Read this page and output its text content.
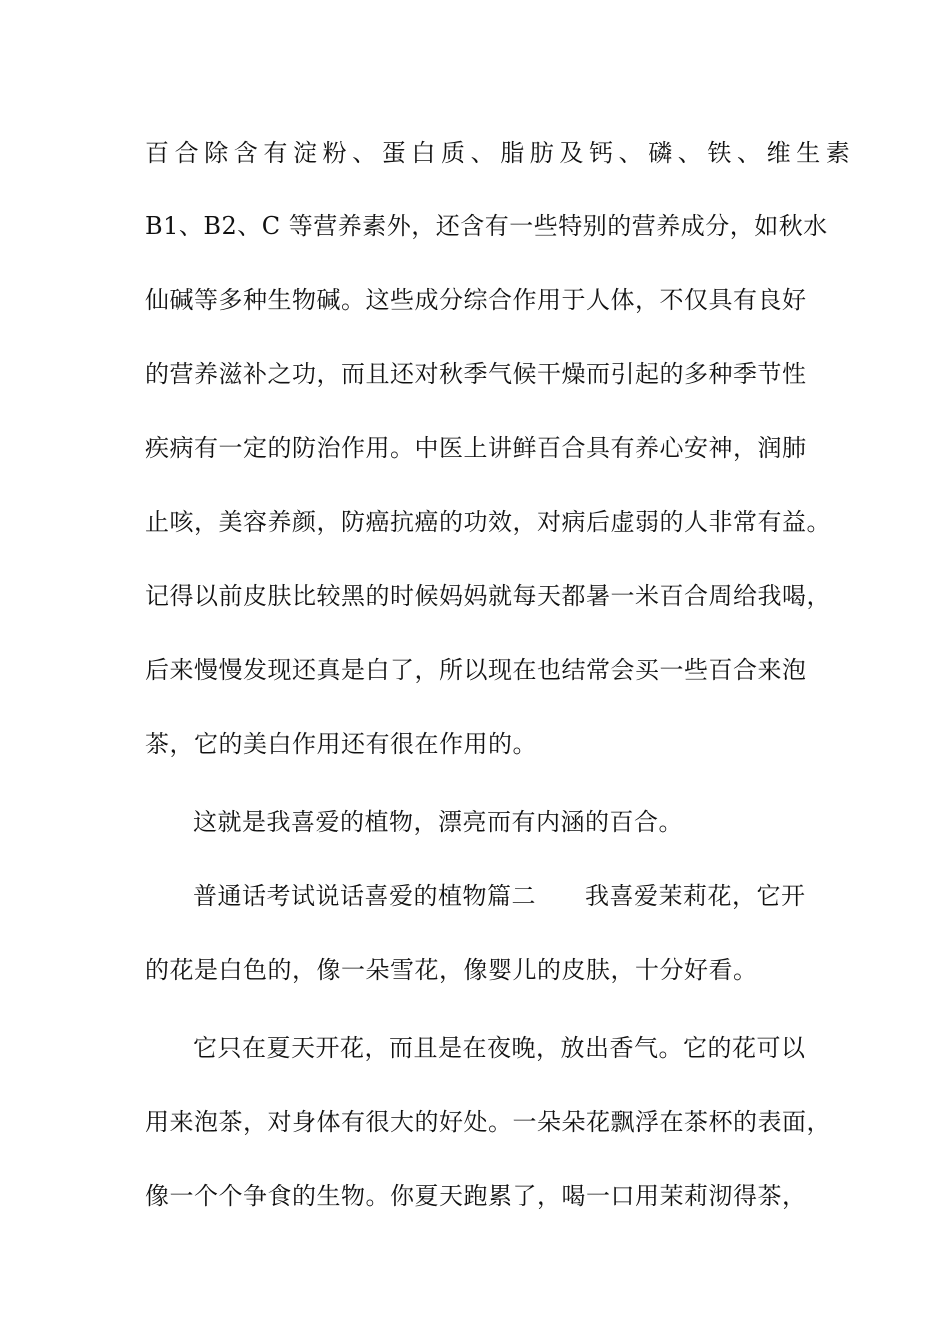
百合除含有淀粉、蛋白质、脂肪及钙、磷、铁、维生素
B1、B2、C 等营养素外，还含有一些特别的营养成分，如秋水
仙碱等多种生物碱。这些成分综合作用于人体，不仅具有良好
的营养滋补之功，而且还对秋季气候干燥而引起的多种季节性
疾病有一定的防治作用。中医上讲鲜百合具有养心安神，润肺
止咳，美容养颜，防癌抗癌的功效，对病后虚弱的人非常有益。
记得以前皮肤比较黑的时候妈妈就每天都暑一米百合周给我喝，
后来慢慢发现还真是白了，所以现在也结常会买一些百合来泡
茶，它的美白作用还有很在作用的。
这就是我喜爱的植物，漂亮而有内涵的百合。
普通话考试说话喜爱的植物篇二　　我喜爱茉莉花，它开
的花是白色的，像一朵雪花，像婴儿的皮肤，十分好看。
它只在夏天开花，而且是在夜晚，放出香气。它的花可以
用来泡茶，对身体有很大的好处。一朵朵花飘浮在茶杯的表面，
像一个个争食的生物。你夏天跑累了，喝一口用茉莉沏得茶，
